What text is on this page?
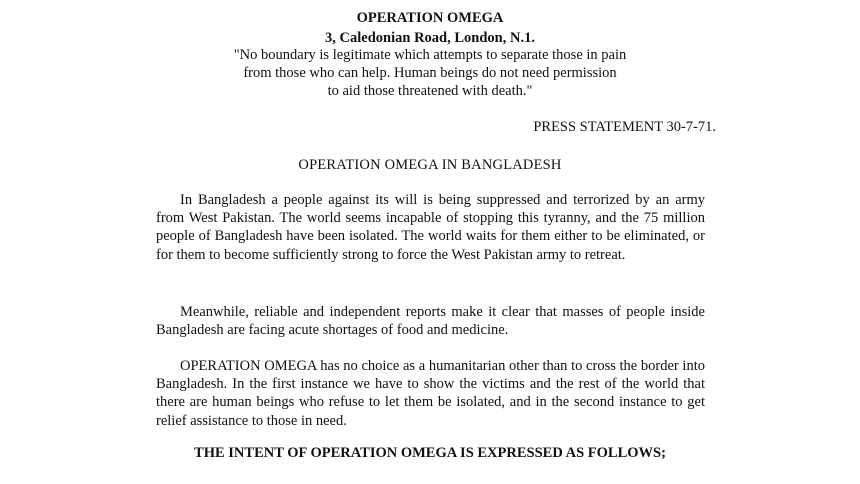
OPERATION OMEGA
3, Caledonian Road, London, N.1.
"No boundary is legitimate which attempts to separate those in pain
from those who can help. Human beings do not need permission
to aid those threatened with death."
PRESS STATEMENT 30-7-71.
OPERATION OMEGA IN BANGLADESH
In Bangladesh a people against its will is being suppressed and terrorized by an army from West Pakistan. The world seems incapable of stopping this tyranny, and the 75 million people of Bangladesh have been isolated. The world waits for them either to be eliminated, or for them to become sufficiently strong to force the West Pakistan army to retreat.
Meanwhile, reliable and independent reports make it clear that masses of people inside Bangladesh are facing acute shortages of food and medicine.
OPERATION OMEGA has no choice as a humanitarian other than to cross the border into Bangladesh. In the first instance we have to show the victims and the rest of the world that there are human beings who refuse to let them be isolated, and in the second instance to get relief assistance to those in need.
THE INTENT OF OPERATION OMEGA IS EXPRESSED AS FOLLOWS;
